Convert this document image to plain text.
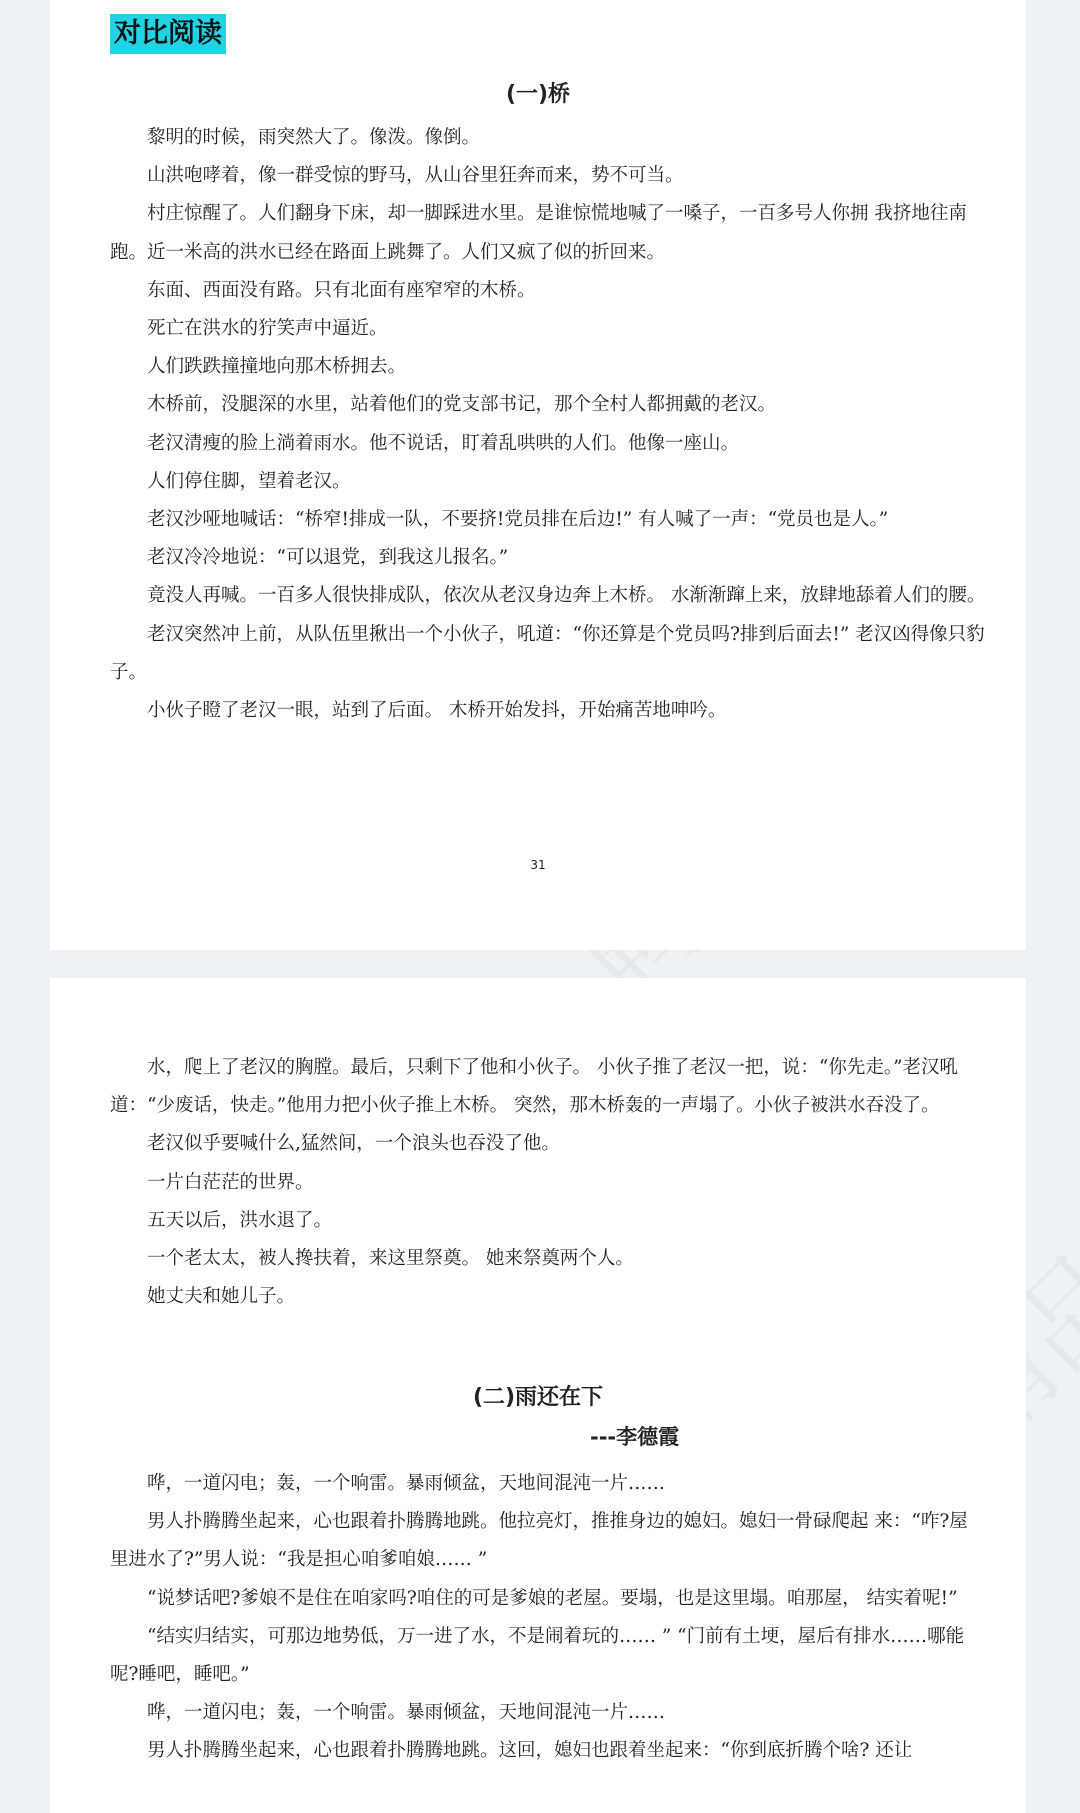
对比阅读
(一)桥

黎明的时候，雨突然大了。像泼。像倒。

山洪咆哮着，像一群受惊的野马，从山谷里狂奔而来，势不可当。

村庄惊醒了。人们翻身下床，却一脚踩进水里。是谁惊慌地喊了一嗓子，一百多号人你拥 我挤地往南跑。近一米高的洪水已经在路面上跳舞了。人们又疯了似的折回来。

东面、西面没有路。只有北面有座窄窄的木桥。

死亡在洪水的狞笑声中逼近。

人们跌跌撞撞地向那木桥拥去。

木桥前，没腿深的水里，站着他们的党支部书记，那个全村人都拥戴的老汉。

老汉清瘦的脸上淌着雨水。他不说话，盯着乱哄哄的人们。他像一座山。

人们停住脚，望着老汉。

老汉沙哑地喊话：“桥窄!排成一队，不要挤!党员排在后边!” 有人喊了一声：“党员也是人。”

老汉冷冷地说：“可以退党，到我这儿报名。”

竟没人再喊。一百多人很快排成队，依次从老汉身边奔上木桥。 水渐渐蹿上来，放肆地舔着人们的腰。

老汉突然冲上前，从队伍里揪出一个小伙子，吼道：“你还算是个党员吗?排到后面去!” 老汉凶得像只豹子。

小伙子瞪了老汉一眼，站到了后面。 木桥开始发抖，开始痛苦地呻吟。

31

水，爬上了老汉的胸膛。最后，只剩下了他和小伙子。 小伙子推了老汉一把，说：“你先走。”老汉吼道：“少废话，快走。”他用力把小伙子推上木桥。 突然，那木桥轰的一声塌了。小伙子被洪水吞没了。

老汉似乎要喊什么,猛然间，一个浪头也吞没了他。

一片白茫茫的世界。

五天以后，洪水退了。

一个老太太，被人搀扶着，来这里祭奠。 她来祭奠两个人。

她丈夫和她儿子。

(二)雨还在下
---李德霞

哗，一道闪电；轰，一个响雷。暴雨倾盆，天地间混沌一片……

男人扑腾腾坐起来，心也跟着扑腾腾地跳。他拉亮灯，推推身边的媳妇。媳妇一骨碌爬起 来：“咋?屋里进水了?”男人说：“我是担心咱爹咱娘…… ”

“说梦话吧?爹娘不是住在咱家吗?咱住的可是爹娘的老屋。要塌，也是这里塌。咱那屋， 结实着呢!”

“结实归结实，可那边地势低，万一进了水，不是闹着玩的…… ” “门前有土埂，屋后有排水……哪能呢?睡吧，睡吧。”

哗，一道闪电；轰，一个响雷。暴雨倾盆，天地间混沌一片……

男人扑腾腾坐起来，心也跟着扑腾腾地跳。这回，媳妇也跟着坐起来：“你到底折腾个啥? 还让
